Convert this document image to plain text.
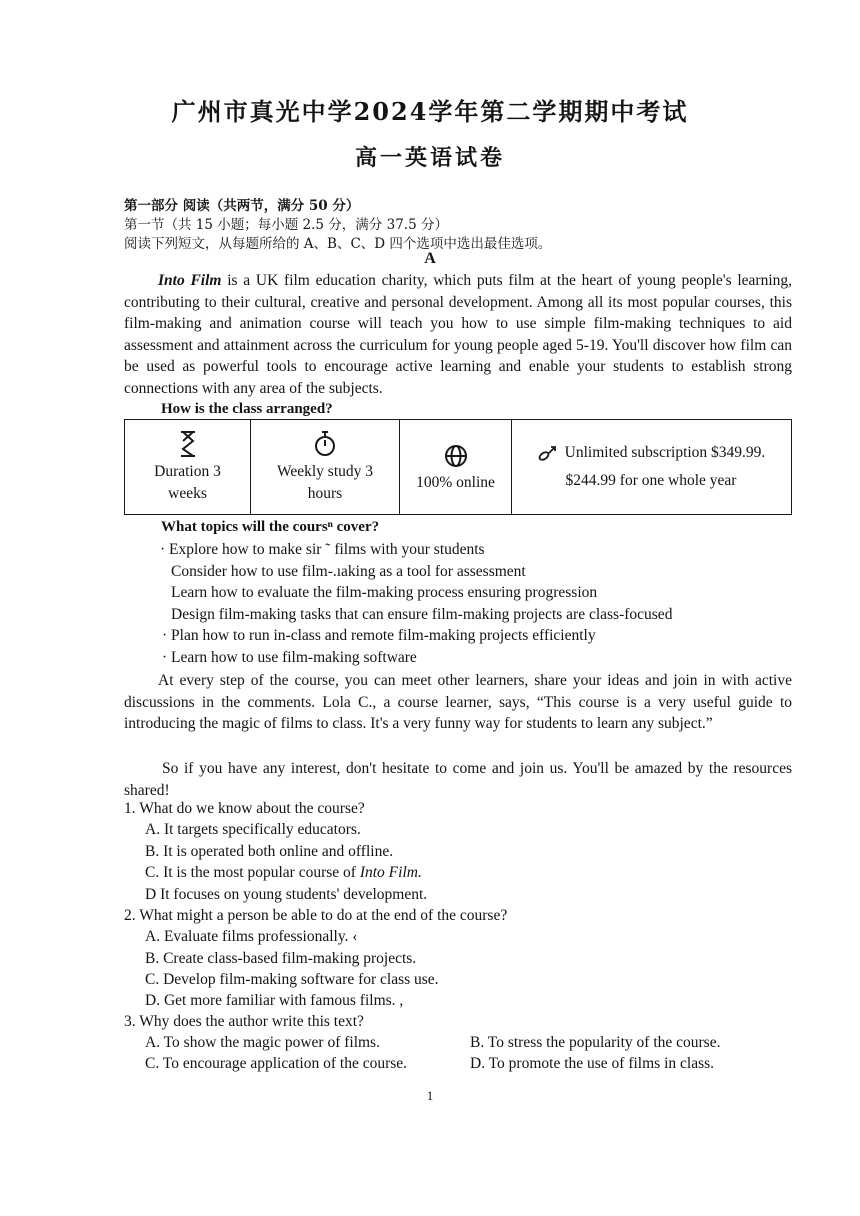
广州市真光中学2024学年第二学期期中考试
高一英语试卷
第一部分 阅读（共两节，满分 50 分）
第一节（共 15 小题；每小题 2.5 分，满分 37.5 分）
阅读下列短文，从每题所给的 A、B、C、D 四个选项中选出最佳选项。
A

Into Film is a UK film education charity, which puts film at the heart of young people's learning, contributing to their cultural, creative and personal development. Among all its most popular courses, this film-making and animation course will teach you how to use simple film-making techniques to aid assessment and attainment across the curriculum for young people aged 5-19. You'll discover how film can be used as powerful tools to encourage active learning and enable your students to establish strong connections with any area of the subjects.

How is the class arranged?
Duration 3
weeks
Weekly study 3
hours
100% online
Unlimited subscription $349.99.
$244.99 for one whole year
What topics will the coursⁿ cover?
· Explore how to make sir ˜ films with your students
Consider how to use film-.ıaking as a tool for assessment
Learn how to evaluate the film-making process ensuring progression
Design film-making tasks that can ensure film-making projects are class-focused
· Plan how to run in-class and remote film-making projects efficiently
· Learn how to use film-making software

At every step of the course, you can meet other learners, share your ideas and join in with active discussions in the comments. Lola C., a course learner, says, “This course is a very useful guide to introducing the magic of films to class. It's a very funny way for students to learn any subject.”

So if you have any interest, don't hesitate to come and join us. You'll be amazed by the resources shared!

1. What do we know about the course?
A. It targets specifically educators.
B. It is operated both online and offline.
C. It is the most popular course of Into Film.
D It focuses on young students' development.
2. What might a person be able to do at the end of the course?
A. Evaluate films professionally. ‹
B. Create class-based film-making projects.
C. Develop film-making software for class use.
D. Get more familiar with famous films. ,
3. Why does the author write this text?
A. To show the magic power of films.	B. To stress the popularity of the course.
C. To encourage application of the course.	D. To promote the use of films in class.
1
